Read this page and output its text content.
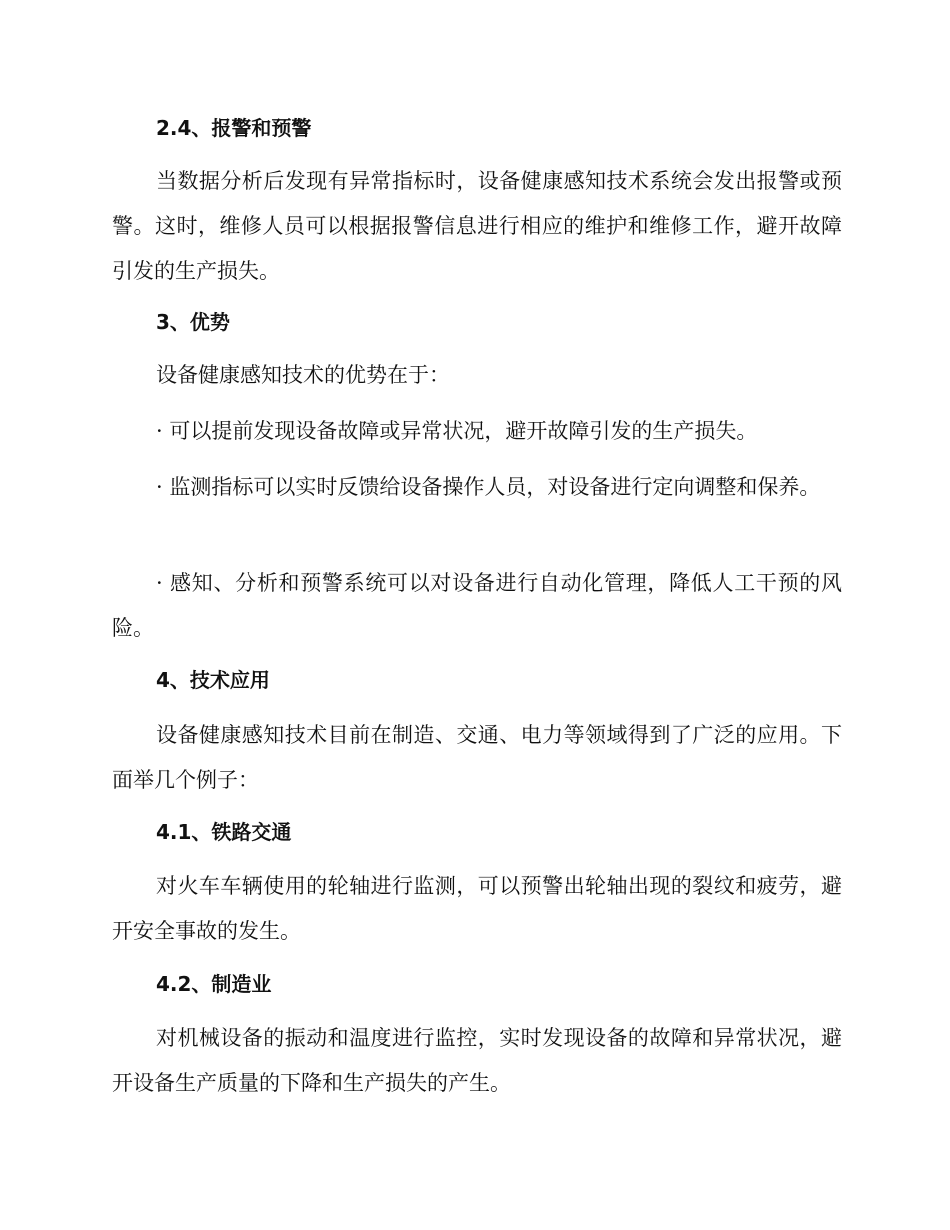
2.4、报警和预警
当数据分析后发现有异常指标时，设备健康感知技术系统会发出报警或预警。这时，维修人员可以根据报警信息进行相应的维护和维修工作，避开故障引发的生产损失。
3、优势
设备健康感知技术的优势在于：
· 可以提前发现设备故障或异常状况，避开故障引发的生产损失。
· 监测指标可以实时反馈给设备操作人员，对设备进行定向调整和保养。
· 感知、分析和预警系统可以对设备进行自动化管理，降低人工干预的风险。
4、技术应用
设备健康感知技术目前在制造、交通、电力等领域得到了广泛的应用。下面举几个例子：
4.1、铁路交通
对火车车辆使用的轮轴进行监测，可以预警出轮轴出现的裂纹和疲劳，避开安全事故的发生。
4.2、制造业
对机械设备的振动和温度进行监控，实时发现设备的故障和异常状况，避开设备生产质量的下降和生产损失的产生。
